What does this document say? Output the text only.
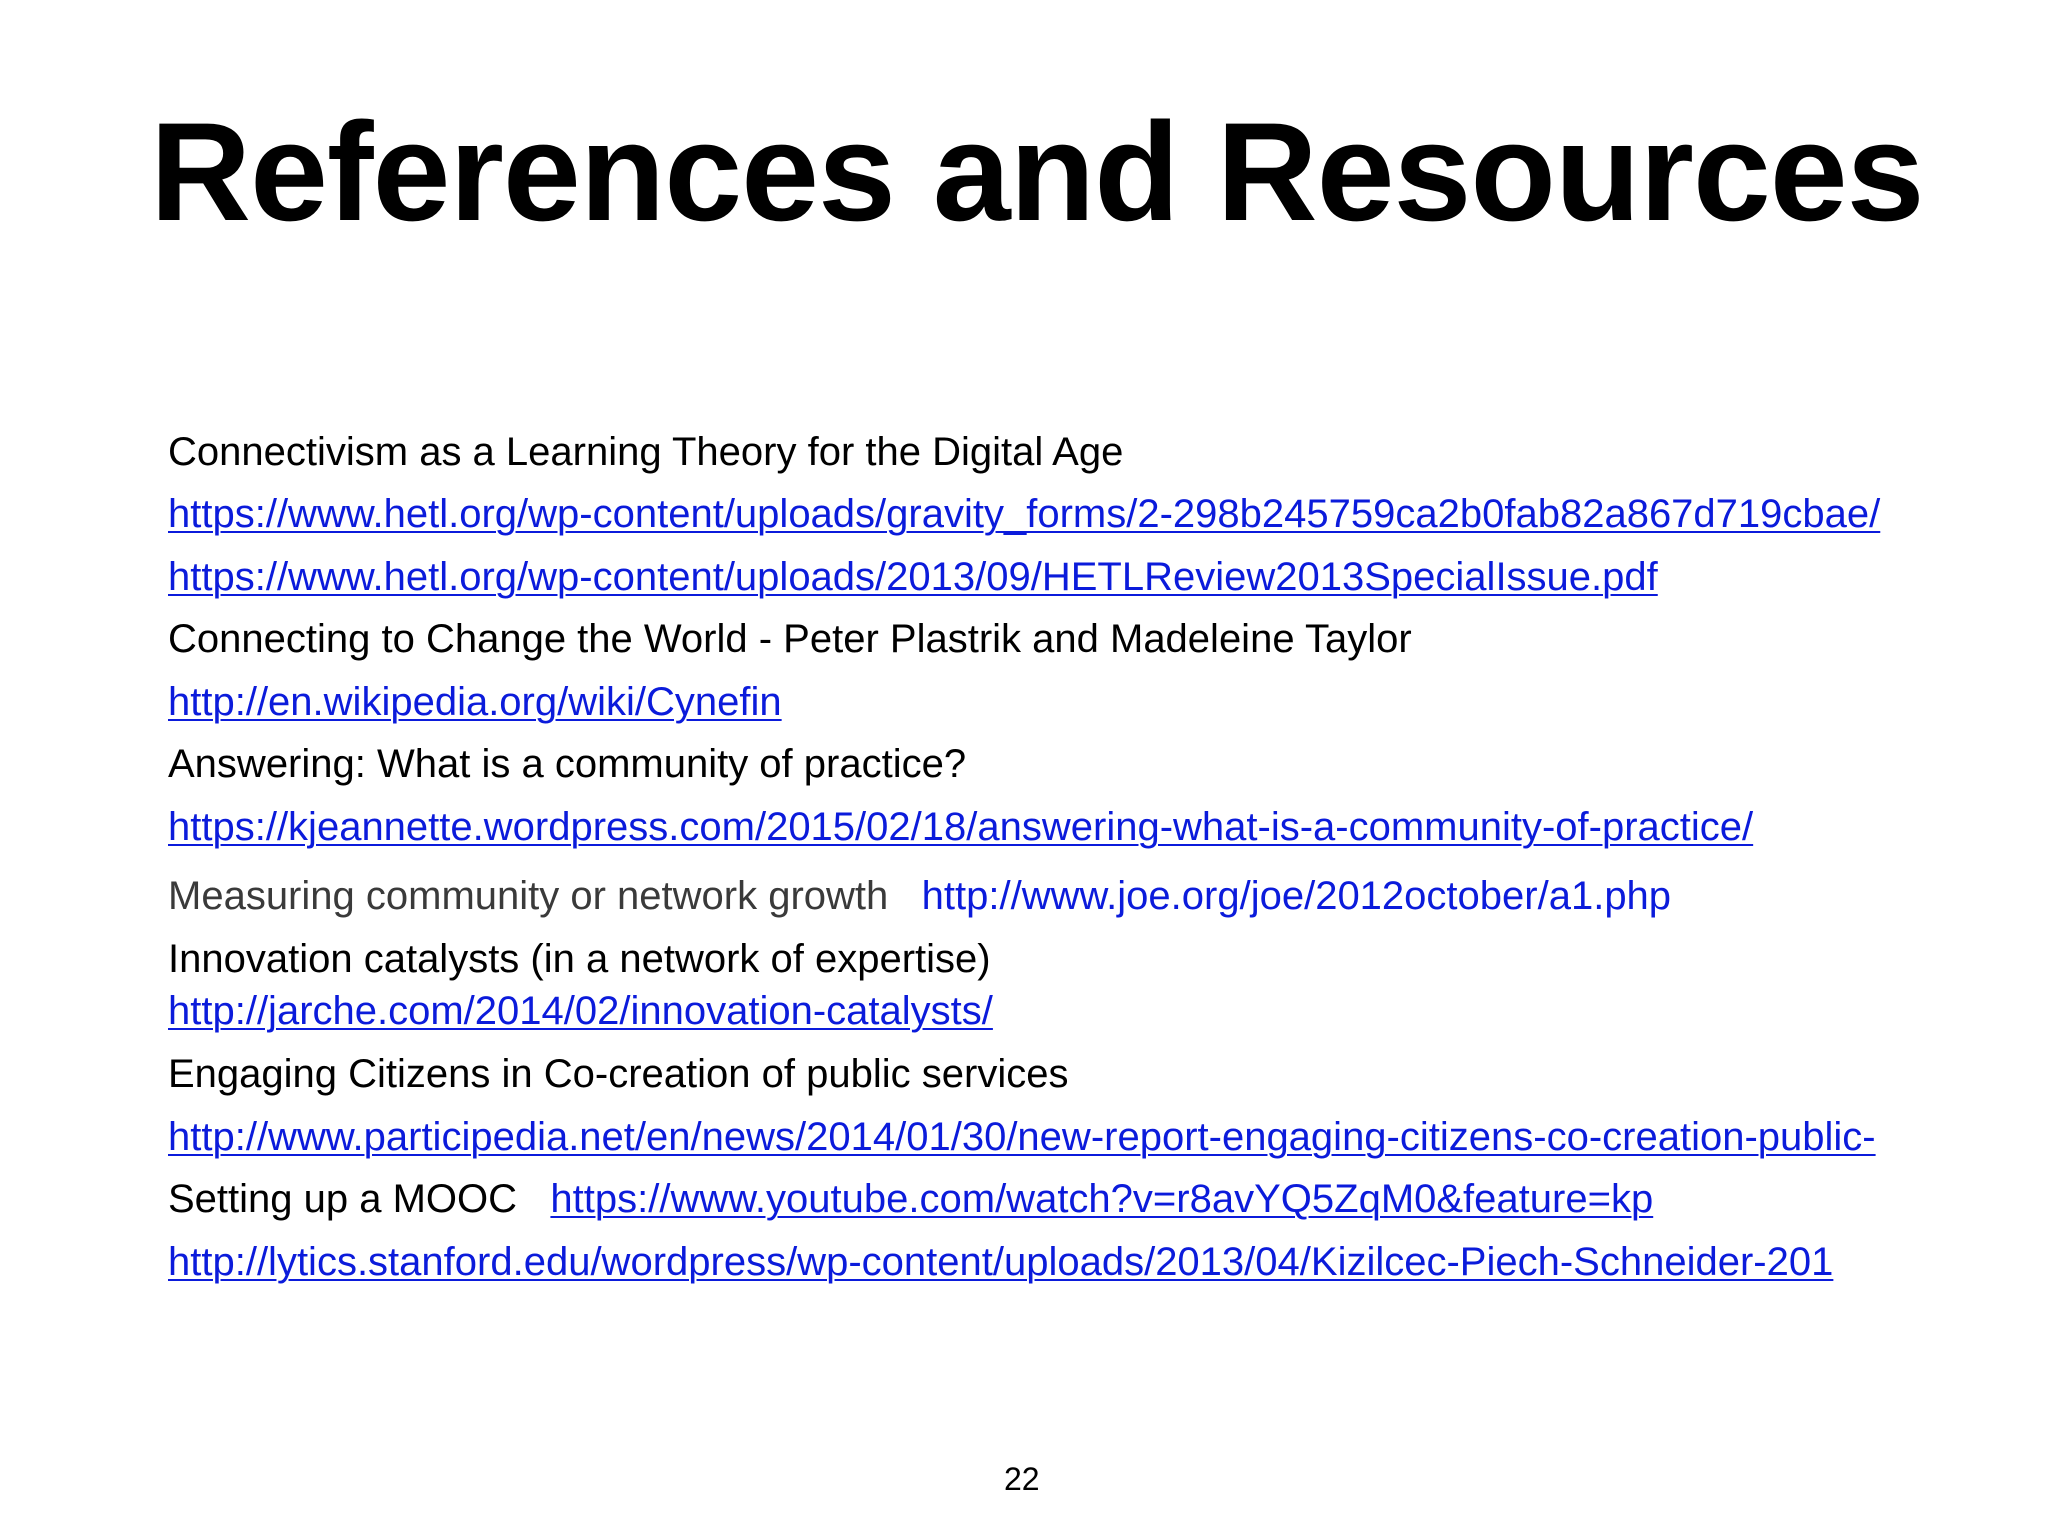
References and Resources
Connectivism as a Learning Theory for the Digital Age
https://www.hetl.org/wp-content/uploads/gravity_forms/2-298b245759ca2b0fab82a867d719cbae/
https://www.hetl.org/wp-content/uploads/2013/09/HETLReview2013SpecialIssue.pdf
Connecting to Change the World - Peter Plastrik and Madeleine Taylor
http://en.wikipedia.org/wiki/Cynefin
Answering: What is a community of practice?
https://kjeannette.wordpress.com/2015/02/18/answering-what-is-a-community-of-practice/
Measuring community or network growth http://www.joe.org/joe/2012october/a1.php
Innovation catalysts (in a network of expertise)
http://jarche.com/2014/02/innovation-catalysts/
Engaging Citizens in Co-creation of public services
http://www.participedia.net/en/news/2014/01/30/new-report-engaging-citizens-co-creation-public-
Setting up a MOOC https://www.youtube.com/watch?v=r8avYQ5ZqM0&feature=kp
http://lytics.stanford.edu/wordpress/wp-content/uploads/2013/04/Kizilcec-Piech-Schneider-201
22
